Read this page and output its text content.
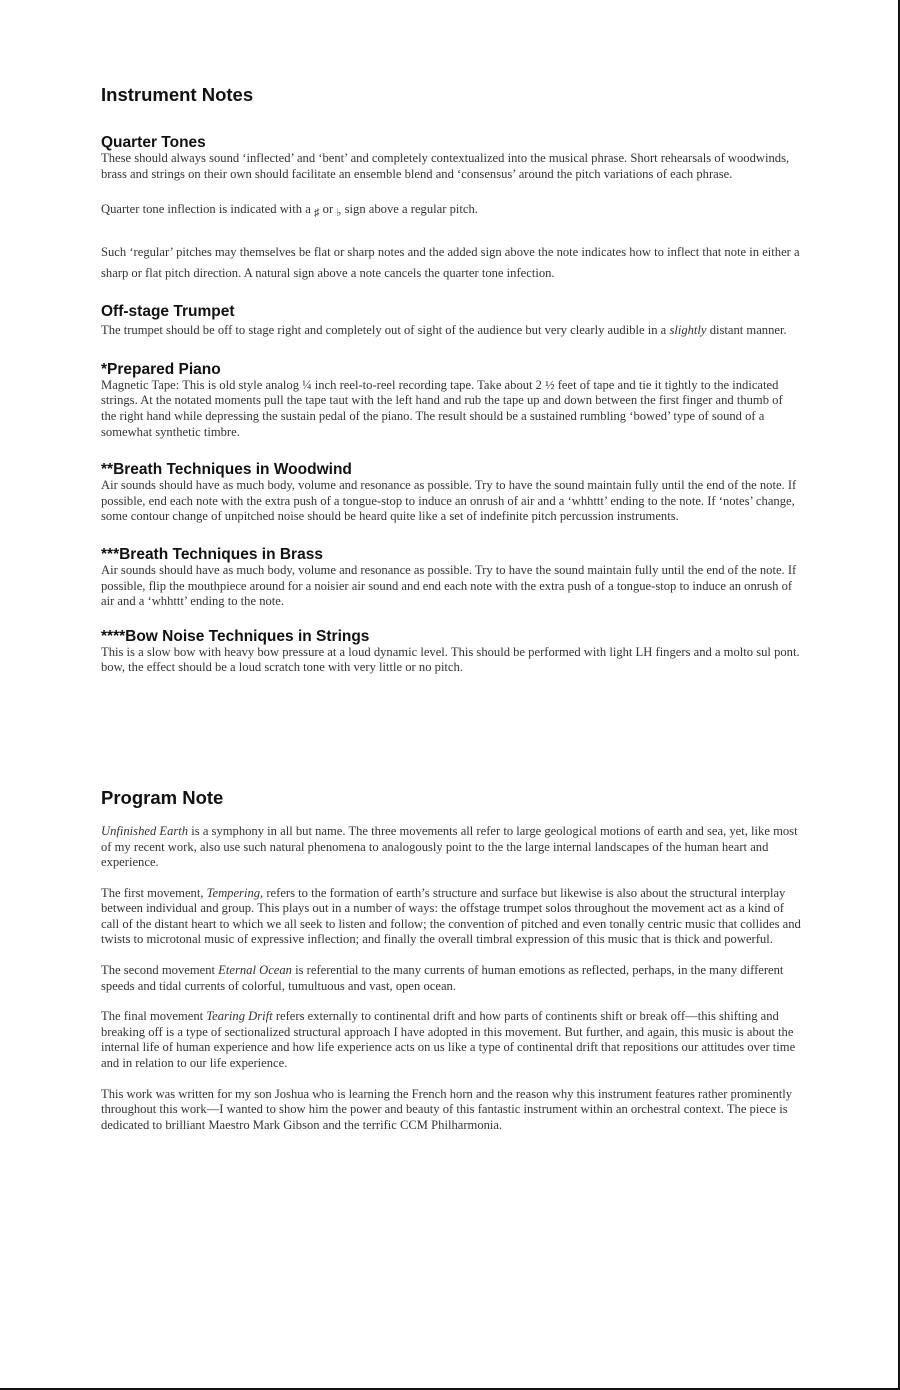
Instrument Notes
Quarter Tones

These should always sound ‘inflected’ and ‘bent’ and completely contextualized into the musical phrase. Short rehearsals of woodwinds, brass and strings on their own should facilitate an ensemble blend and ‘consensus’ around the pitch variations of each phrase.

Quarter tone inflection is indicated with a ♯ or ♭ sign above a regular pitch.

Such ‘regular’ pitches may themselves be flat or sharp notes and the added sign above the note indicates how to inflect that note in either a sharp or flat pitch direction. A natural sign above a note cancels the quarter tone infection.

Off-stage Trumpet

The trumpet should be off to stage right and completely out of sight of the audience but very clearly audible in a slightly distant manner.

*Prepared Piano

Magnetic Tape: This is old style analog ¼ inch reel-to-reel recording tape. Take about 2 ½ feet of tape and tie it tightly to the indicated strings. At the notated moments pull the tape taut with the left hand and rub the tape up and down between the first finger and thumb of the right hand while depressing the sustain pedal of the piano. The result should be a sustained rumbling ‘bowed’ type of sound of a somewhat synthetic timbre.

**Breath Techniques in Woodwind

Air sounds should have as much body, volume and resonance as possible. Try to have the sound maintain fully until the end of the note. If possible, end each note with the extra push of a tongue-stop to induce an onrush of air and a ‘whhttt’ ending to the note. If ‘notes’ change, some contour change of unpitched noise should be heard quite like a set of indefinite pitch percussion instruments.

***Breath Techniques in Brass

Air sounds should have as much body, volume and resonance as possible. Try to have the sound maintain fully until the end of the note. If possible, flip the mouthpiece around for a noisier air sound and end each note with the extra push of a tongue-stop to induce an onrush of air and a ‘whhttt’ ending to the note.

****Bow Noise Techniques in Strings

This is a slow bow with heavy bow pressure at a loud dynamic level. This should be performed with light LH fingers and a molto sul pont. bow, the effect should be a loud scratch tone with very little or no pitch.

Program Note

Unfinished Earth is a symphony in all but name. The three movements all refer to large geological motions of earth and sea, yet, like most of my recent work, also use such natural phenomena to analogously point to the the large internal landscapes of the human heart and experience.

The first movement, Tempering, refers to the formation of earth’s structure and surface but likewise is also about the structural interplay between individual and group. This plays out in a number of ways: the offstage trumpet solos throughout the movement act as a kind of call of the distant heart to which we all seek to listen and follow; the convention of pitched and even tonally centric music that collides and twists to microtonal music of expressive inflection; and finally the overall timbral expression of this music that is thick and powerful.

The second movement Eternal Ocean is referential to the many currents of human emotions as reflected, perhaps, in the many different speeds and tidal currents of colorful, tumultuous and vast, open ocean.

The final movement Tearing Drift refers externally to continental drift and how parts of continents shift or break off—this shifting and breaking off is a type of sectionalized structural approach I have adopted in this movement. But further, and again, this music is about the internal life of human experience and how life experience acts on us like a type of continental drift that repositions our attitudes over time and in relation to our life experience.

This work was written for my son Joshua who is learning the French horn and the reason why this instrument features rather prominently throughout this work—I wanted to show him the power and beauty of this fantastic instrument within an orchestral context. The piece is dedicated to brilliant Maestro Mark Gibson and the terrific CCM Philharmonia.
